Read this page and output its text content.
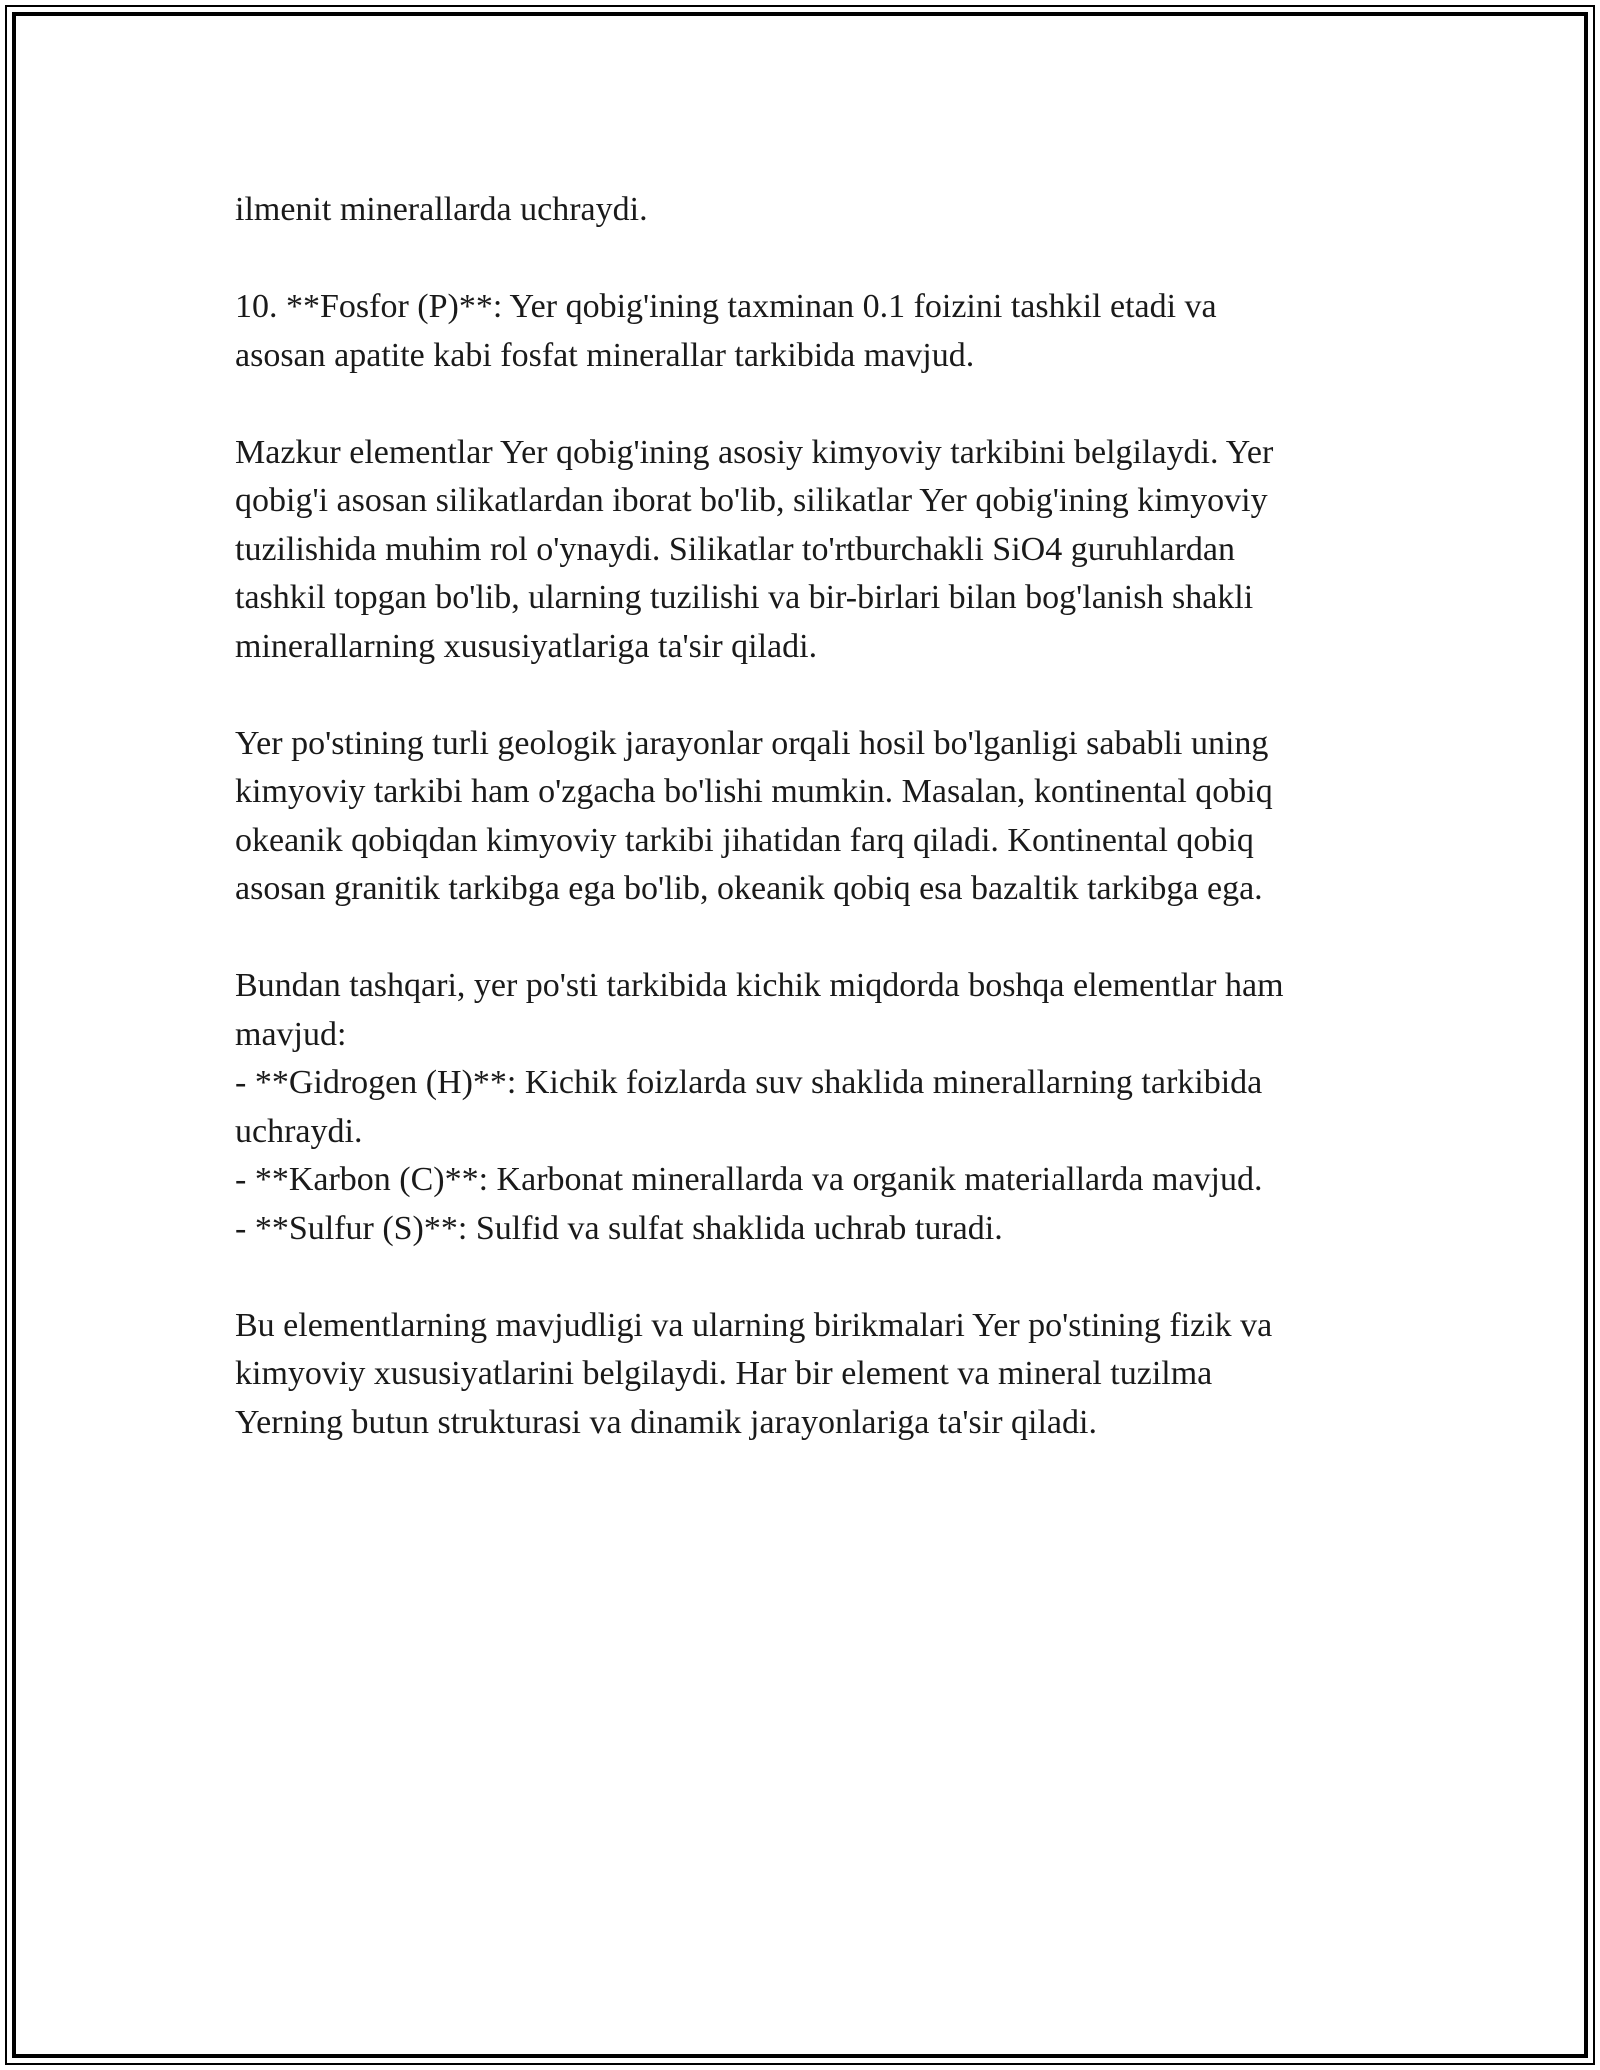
ilmenit minerallarda uchraydi.

10. **Fosfor (P)**: Yer qobig'ining taxminan 0.1 foizini tashkil etadi va
asosan apatite kabi fosfat minerallar tarkibida mavjud.

Mazkur elementlar Yer qobig'ining asosiy kimyoviy tarkibini belgilaydi. Yer
qobig'i asosan silikatlardan iborat bo'lib, silikatlar Yer qobig'ining kimyoviy
tuzilishida muhim rol o'ynaydi. Silikatlar to'rtburchakli SiO4 guruhlardan
tashkil topgan bo'lib, ularning tuzilishi va bir-birlari bilan bog'lanish shakli
minerallarning xususiyatlariga ta'sir qiladi.

Yer po'stining turli geologik jarayonlar orqali hosil bo'lganligi sababli uning
kimyoviy tarkibi ham o'zgacha bo'lishi mumkin. Masalan, kontinental qobiq
okeanik qobiqdan kimyoviy tarkibi jihatidan farq qiladi. Kontinental qobiq
asosan granitik tarkibga ega bo'lib, okeanik qobiq esa bazaltik tarkibga ega.

Bundan tashqari, yer po'sti tarkibida kichik miqdorda boshqa elementlar ham
mavjud:
- **Gidrogen (H)**: Kichik foizlarda suv shaklida minerallarning tarkibida
uchraydi.
- **Karbon (C)**: Karbonat minerallarda va organik materiallarda mavjud.
- **Sulfur (S)**: Sulfid va sulfat shaklida uchrab turadi.

Bu elementlarning mavjudligi va ularning birikmalari Yer po'stining fizik va
kimyoviy xususiyatlarini belgilaydi. Har bir element va mineral tuzilma
Yerning butun strukturasi va dinamik jarayonlariga ta'sir qiladi.
